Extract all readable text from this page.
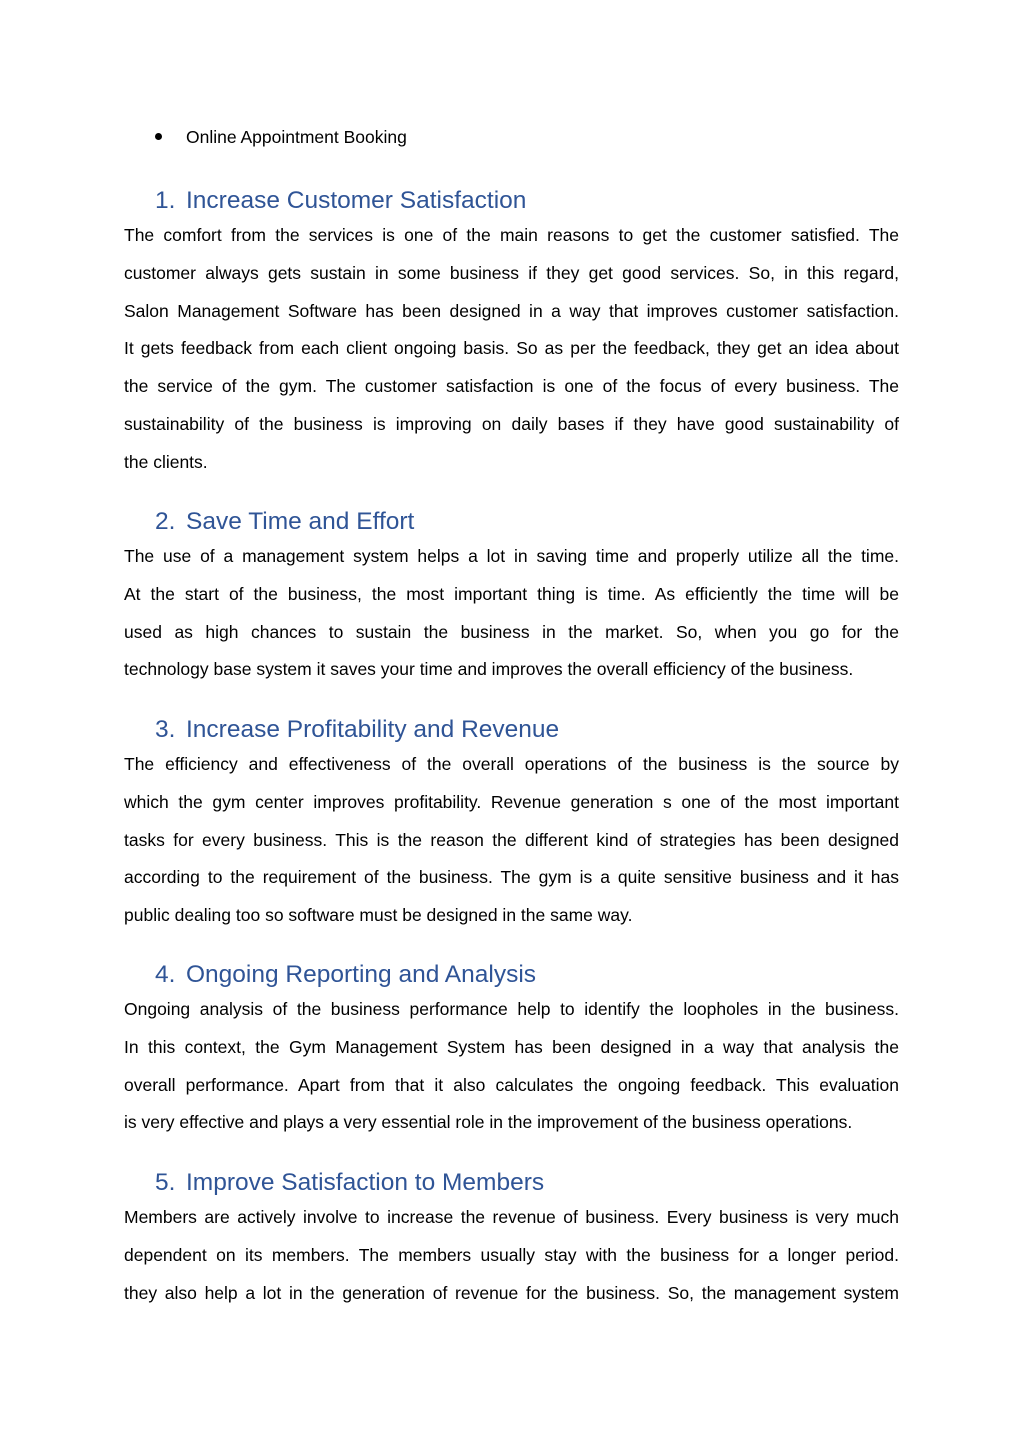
Online Appointment Booking
1. Increase Customer Satisfaction

The comfort from the services is one of the main reasons to get the customer satisfied. The
customer always gets sustain in some business if they get good services. So, in this regard,
Salon Management Software has been designed in a way that improves customer satisfaction.
It gets feedback from each client ongoing basis. So as per the feedback, they get an idea about
the service of the gym. The customer satisfaction is one of the focus of every business. The
sustainability of the business is improving on daily bases if they have good sustainability of
the clients.

2. Save Time and Effort

The use of a management system helps a lot in saving time and properly utilize all the time.
At the start of the business, the most important thing is time. As efficiently the time will be
used as high chances to sustain the business in the market. So, when you go for the
technology base system it saves your time and improves the overall efficiency of the business.

3. Increase Profitability and Revenue

The efficiency and effectiveness of the overall operations of the business is the source by
which the gym center improves profitability. Revenue generation s one of the most important
tasks for every business. This is the reason the different kind of strategies has been designed
according to the requirement of the business. The gym is a quite sensitive business and it has
public dealing too so software must be designed in the same way.

4. Ongoing Reporting and Analysis

Ongoing analysis of the business performance help to identify the loopholes in the business.
In this context, the Gym Management System has been designed in a way that analysis the
overall performance. Apart from that it also calculates the ongoing feedback. This evaluation
is very effective and plays a very essential role in the improvement of the business operations.

5. Improve Satisfaction to Members

Members are actively involve to increase the revenue of business. Every business is very much
dependent on its members. The members usually stay with the business for a longer period.
they also help a lot in the generation of revenue for the business. So, the management system
